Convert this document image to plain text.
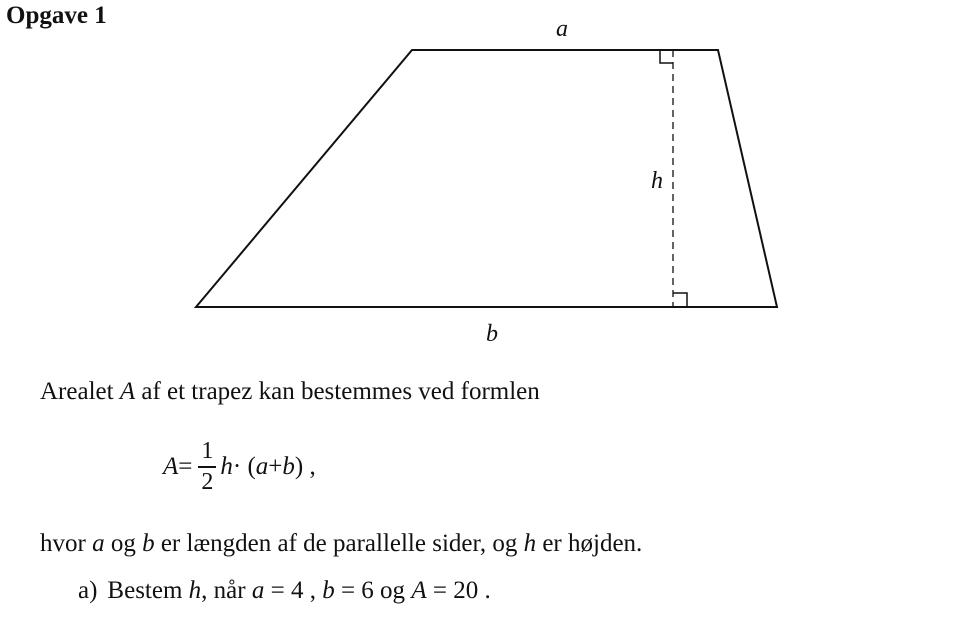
Opgave 1	a
h
b
Arealet A af et trapez kan bestemmes ved formlen
$A = \frac{1}{2}$ h · ( a + b ) ,
hvor a og b er længden af de parallelle sider, og h er højden.
a) Bestem h, når a = 4 , b = 6 og A = 20 .
